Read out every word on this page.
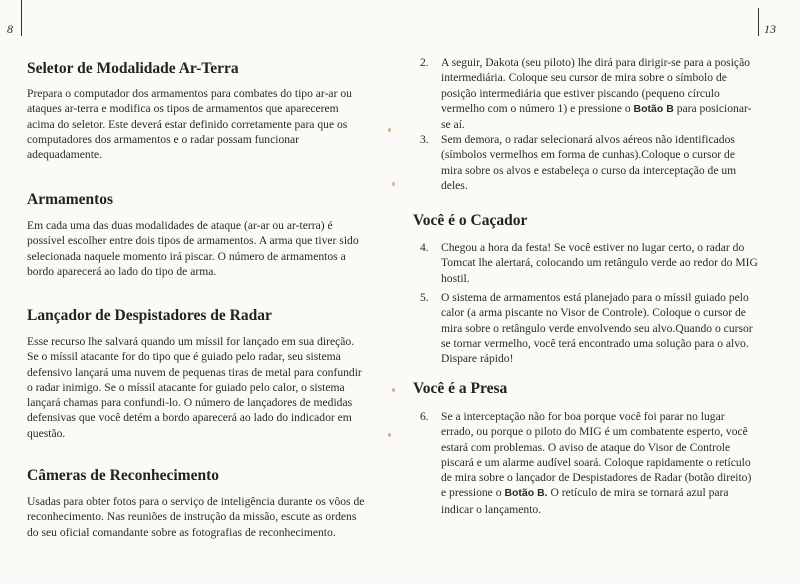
8	13
Seletor de Modalidade Ar-Terra

Prepara o computador dos armamentos para combates do tipo ar-ar ou ataques ar-terra e modifica os tipos de armamentos que aparecerem acima do seletor. Este deverá estar definido corretamente para que os computadores dos armamentos e o radar possam funcionar adequadamente.

Armamentos

Em cada uma das duas modalidades de ataque (ar-ar ou ar-terra) é possível escolher entre dois tipos de armamentos. A arma que tiver sido selecionada naquele momento irá piscar. O número de armamentos a bordo aparecerá ao lado do tipo de arma.

Lançador de Despistadores de Radar

Esse recurso lhe salvará quando um míssil for lançado em sua direção. Se o míssil atacante for do tipo que é guiado pelo radar, seu sistema defensivo lançará uma nuvem de pequenas tiras de metal para confundir o radar inimigo. Se o míssil atacante for guiado pelo calor, o sistema lançará chamas para confundi-lo. O número de lançadores de medidas defensivas que você detém a bordo aparecerá ao lado do indicador em questão.

Câmeras de Reconhecimento

Usadas para obter fotos para o serviço de inteligência durante os vôos de reconhecimento. Nas reuniões de instrução da missão, escute as ordens do seu oficial comandante sobre as fotografias de reconhecimento.

2. A seguir, Dakota (seu piloto) lhe dirá para dirigir-se para a posição intermediária. Coloque seu cursor de mira sobre o símbolo de posição intermediária que estiver piscando (pequeno círculo vermelho com o número 1) e pressione o Botão B para posicionar-se aí.
3. Sem demora, o radar selecionará alvos aéreos não identificados (símbolos vermelhos em forma de cunhas).Coloque o cursor de mira sobre os alvos e estabeleça o curso da interceptação de um deles.
Você é o Caçador
4. Chegou a hora da festa! Se você estiver no lugar certo, o radar do Tomcat lhe alertará, colocando um retângulo verde ao redor do MIG hostil.
5. O sistema de armamentos está planejado para o míssil guiado pelo calor (a arma piscante no Visor de Controle). Coloque o cursor de mira sobre o retângulo verde envolvendo seu alvo.Quando o cursor se tornar vermelho, você terá encontrado uma solução para o alvo. Dispare rápido!
Você é a Presa
6. Se a interceptação não for boa porque você foi parar no lugar errado, ou porque o piloto do MIG é um combatente esperto, você estará com problemas. O aviso de ataque do Visor de Controle piscará e um alarme audível soará. Coloque rapidamente o retículo de mira sobre o lançador de Despistadores de Radar (botão direito) e pressione o Botão B. O retículo de mira se tornará azul para indicar o lançamento.
